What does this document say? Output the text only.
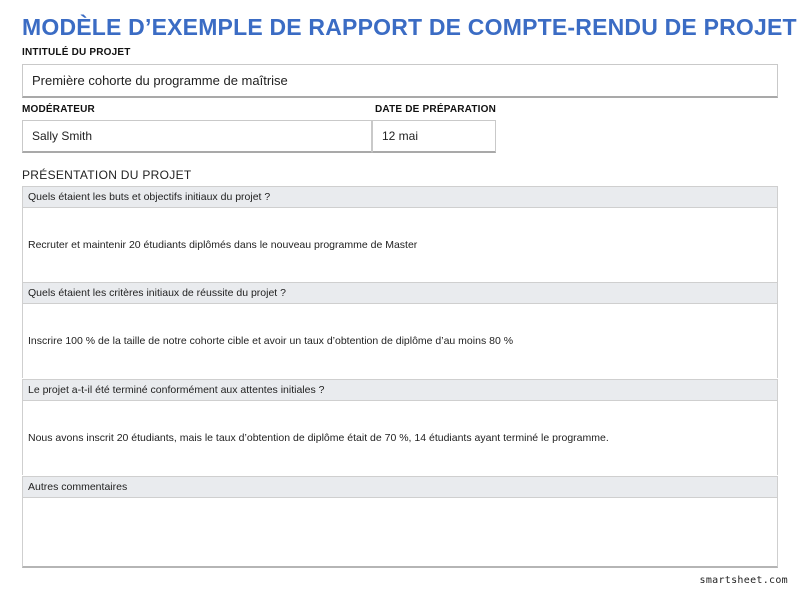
MODÈLE D’EXEMPLE DE RAPPORT DE COMPTE-RENDU DE PROJET
INTITULÉ DU PROJET
Première cohorte du programme de maîtrise
MODÉRATEUR
Sally Smith
DATE DE PRÉPARATION
12 mai
PRÉSENTATION DU PROJET
Quels étaient les buts et objectifs initiaux du projet ?
Recruter et maintenir 20 étudiants diplômés dans le nouveau programme de Master
Quels étaient les critères initiaux de réussite du projet ?
Inscrire 100 % de la taille de notre cohorte cible et avoir un taux d’obtention de diplôme d’au moins 80 %
Le projet a-t-il été terminé conformément aux attentes initiales ?
Nous avons inscrit 20 étudiants, mais le taux d’obtention de diplôme était de 70 %, 14 étudiants ayant terminé le programme.
Autres commentaires
smartsheet.com
